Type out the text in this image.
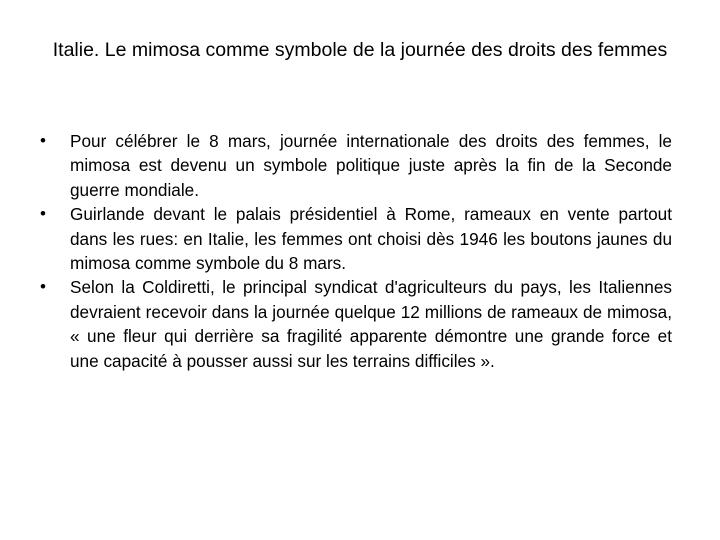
Italie. Le mimosa comme symbole de la journée des droits des femmes
•	Pour célébrer le 8 mars, journée internationale des droits des femmes, le mimosa est devenu un symbole politique juste après la fin de la Seconde guerre mondiale.
•	Guirlande devant le palais présidentiel à Rome, rameaux en vente partout dans les rues: en Italie, les femmes ont choisi dès 1946 les boutons jaunes du mimosa comme symbole du 8 mars.
•	Selon la Coldiretti, le principal syndicat d'agriculteurs du pays, les Italiennes devraient recevoir dans la journée quelque 12 millions de rameaux de mimosa, « une fleur qui derrière sa fragilité apparente démontre une grande force et une capacité à pousser aussi sur les terrains difficiles ».
